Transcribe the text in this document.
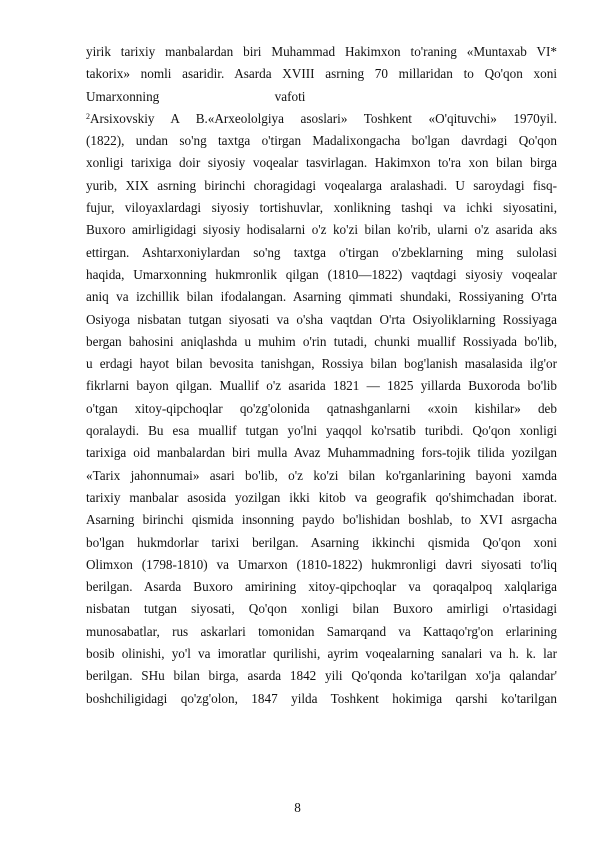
yirik tarixiy manbalardan biri Muhammad Hakimxon to'raning «Muntaxab VI*
takorix» nomli asaridir. Asarda XVIII asrning 70 millaridan to Qo'qon xoni
Umarxonning                                   vafoti
$^2$Arsixovskiy A B.«Arxeololgiya asoslari» Toshkent «O'qituvchi» 1970yil.
(1822), undan so'ng taxtga o'tirgan Madalixongacha bo'lgan davrdagi Qo'qon
xonligi tarixiga doir siyosiy voqealar tasvirlagan. Hakimxon to'ra xon bilan birga
yurib, XIX asrning birinchi choragidagi voqealarga aralashadi. U saroydagi fisq-
fujur, viloyaxlardagi siyosiy tortishuvlar, xonlikning tashqi va ichki siyosatini,
Buxoro amirligidagi siyosiy hodisalarni o'z ko'zi bilan ko'rib, ularni o'z asarida aks
ettirgan. Ashtarxoniylardan so'ng taxtga o'tirgan o'zbeklarning ming sulolasi
haqida, Umarxonning hukmronlik qilgan (1810—1822) vaqtdagi siyosiy voqealar
aniq va izchillik bilan ifodalangan. Asarning qimmati shundaki, Rossiyaning O'rta
Osiyoga nisbatan tutgan siyosati va o'sha vaqtdan O'rta Osiyoliklarning Rossiyaga
bergan bahosini aniqlashda u muhim o'rin tutadi, chunki muallif Rossiyada bo'lib,
u erdagi hayot bilan bevosita tanishgan, Rossiya bilan bog'lanish masalasida ilg'or
fikrlarni bayon qilgan. Muallif o'z asarida 1821 — 1825 yillarda Buxoroda bo'lib
o'tgan xitoy-qipchoqlar qo'zg'olonida qatnashganlarni «xoin kishilar» deb
qoralaydi. Bu esa muallif tutgan yo'lni yaqqol ko'rsatib turibdi. Qo'qon xonligi
tarixiga oid manbalardan biri mulla Avaz Muhammadning fors-tojik tilida yozilgan
«Tarix jahonnumai» asari bo'lib, o'z ko'zi bilan ko'rganlarining bayoni xamda
tarixiy manbalar asosida yozilgan ikki kitob va geografik qo'shimchadan iborat.
Asarning birinchi qismida insonning paydo bo'lishidan boshlab, to XVI asrgacha
bo'lgan hukmdorlar tarixi berilgan. Asarning ikkinchi qismida Qo'qon xoni
Olimxon (1798-1810) va Umarxon (1810-1822) hukmronligi davri siyosati to'liq
berilgan. Asarda Buxoro amirining xitoy-qipchoqlar va qoraqalpoq xalqlariga
nisbatan tutgan siyosati, Qo'qon xonligi bilan Buxoro amirligi o'rtasidagi
munosabatlar, rus askarlari tomonidan Samarqand va Kattaqo'rg'on erlarining
bosib olinishi, yo'l va imoratlar qurilishi, ayrim voqealarning sanalari va h. k. lar
berilgan. SHu bilan birga, asarda 1842 yili Qo'qonda ko'tarilgan xo'ja qalandar'
boshchiligidagi qo'zg'olon, 1847 yilda Toshkent hokimiga qarshi ko'tarilgan
8
